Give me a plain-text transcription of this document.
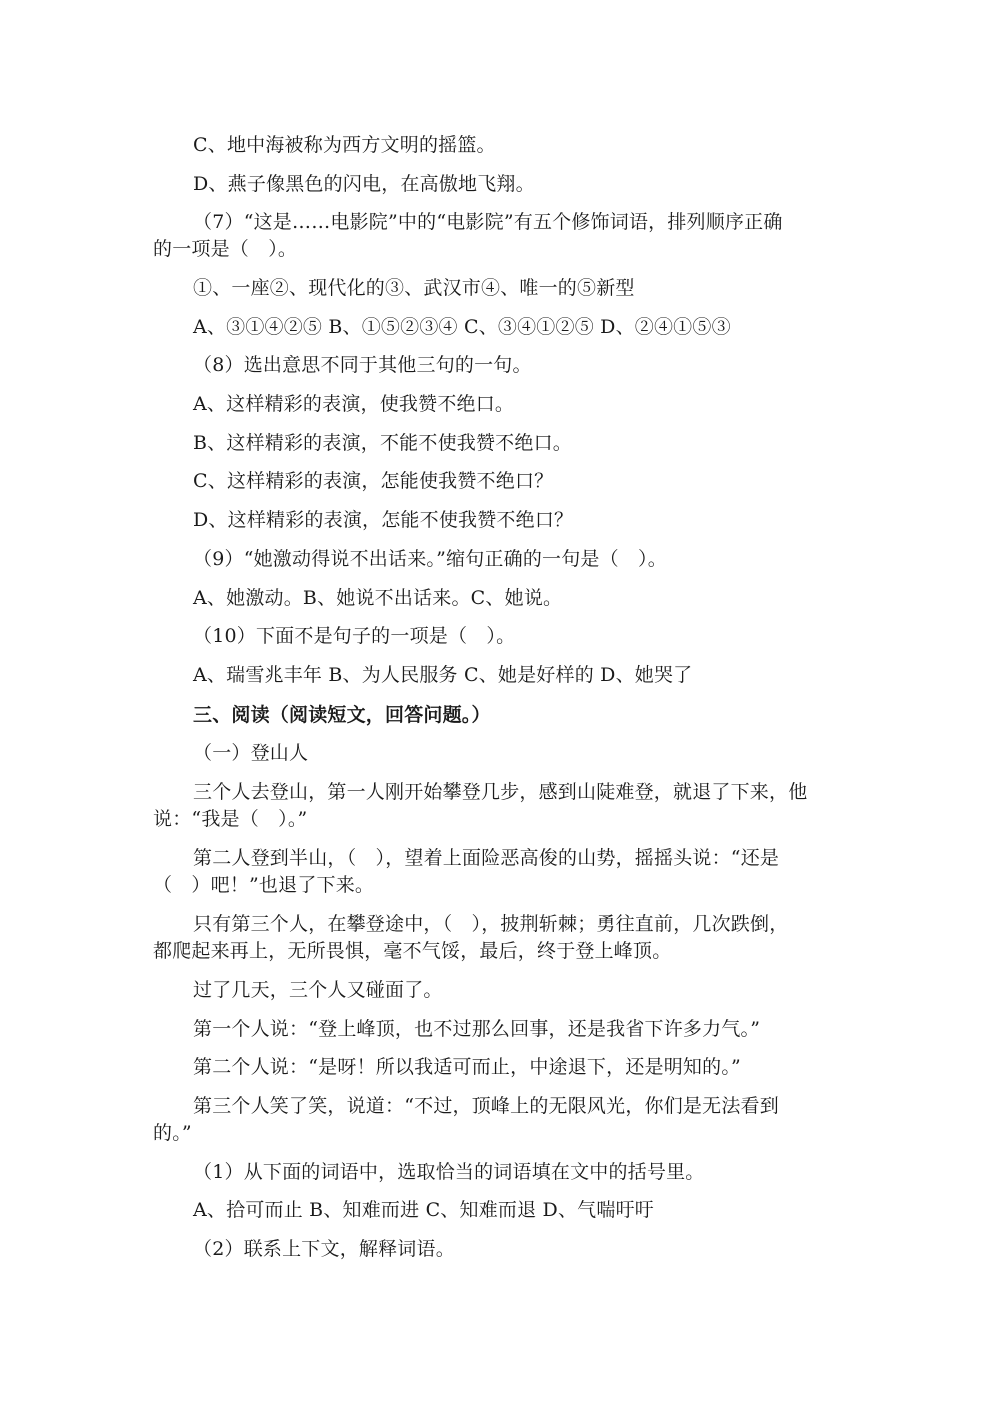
C、地中海被称为西方文明的摇篮。
D、燕子像黑色的闪电，在高傲地飞翔。
（7）“这是……电影院”中的“电影院”有五个修饰词语，排列顺序正确
的一项是（　）。
①、一座②、现代化的③、武汉市④、唯一的⑤新型
A、③①④②⑤ B、①⑤②③④ C、③④①②⑤ D、②④①⑤③
（8）选出意思不同于其他三句的一句。
A、这样精彩的表演，使我赞不绝口。
B、这样精彩的表演，不能不使我赞不绝口。
C、这样精彩的表演，怎能使我赞不绝口？
D、这样精彩的表演，怎能不使我赞不绝口？
（9）“她激动得说不出话来。”缩句正确的一句是（　）。
A、她激动。B、她说不出话来。C、她说。
（10）下面不是句子的一项是（　）。
A、瑞雪兆丰年 B、为人民服务 C、她是好样的 D、她哭了
三、阅读（阅读短文，回答问题。）
（一）登山人
三个人去登山，第一人刚开始攀登几步，感到山陡难登，就退了下来，他
说：“我是（　）。”
第二人登到半山，（　），望着上面险恶高俊的山势，摇摇头说：“还是
（　）吧！”也退了下来。
只有第三个人，在攀登途中，（　），披荆斩棘；勇往直前，几次跌倒，
都爬起来再上，无所畏惧，毫不气馁，最后，终于登上峰顶。
过了几天，三个人又碰面了。
第一个人说：“登上峰顶，也不过那么回事，还是我省下许多力气。”
第二个人说：“是呀！所以我适可而止，中途退下，还是明知的。”
第三个人笑了笑，说道：“不过，顶峰上的无限风光，你们是无法看到
的。”
（1）从下面的词语中，选取恰当的词语填在文中的括号里。
A、拾可而止 B、知难而进 C、知难而退 D、气喘吁吁
（2）联系上下文，解释词语。
